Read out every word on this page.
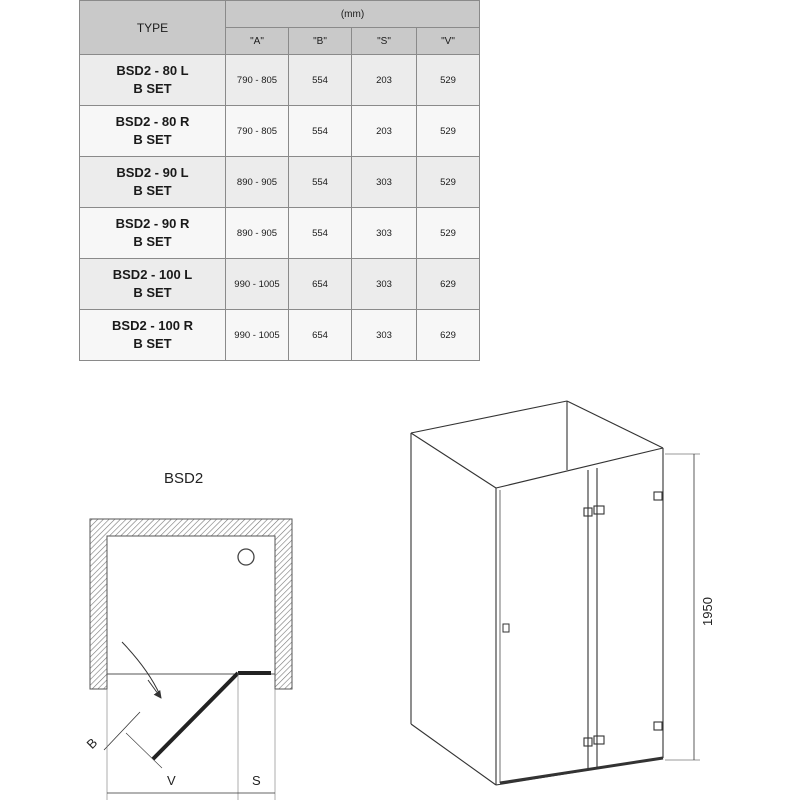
TYPE	(mm)			
	"A"	"B"	"S"	"V"

BSD2 - 80 L
B SET	790 - 805	554	203	529

BSD2 - 80 R
B SET	790 - 805	554	203	529

BSD2 - 90 L
B SET	890 - 905	554	303	529

BSD2 - 90 R
B SET	890 - 905	554	303	529

BSD2 - 100 L
B SET	990 - 1005	654	303	629

BSD2 - 100 R
B SET	990 - 1005	654	303	629
BSD2
B
V	S
1950
